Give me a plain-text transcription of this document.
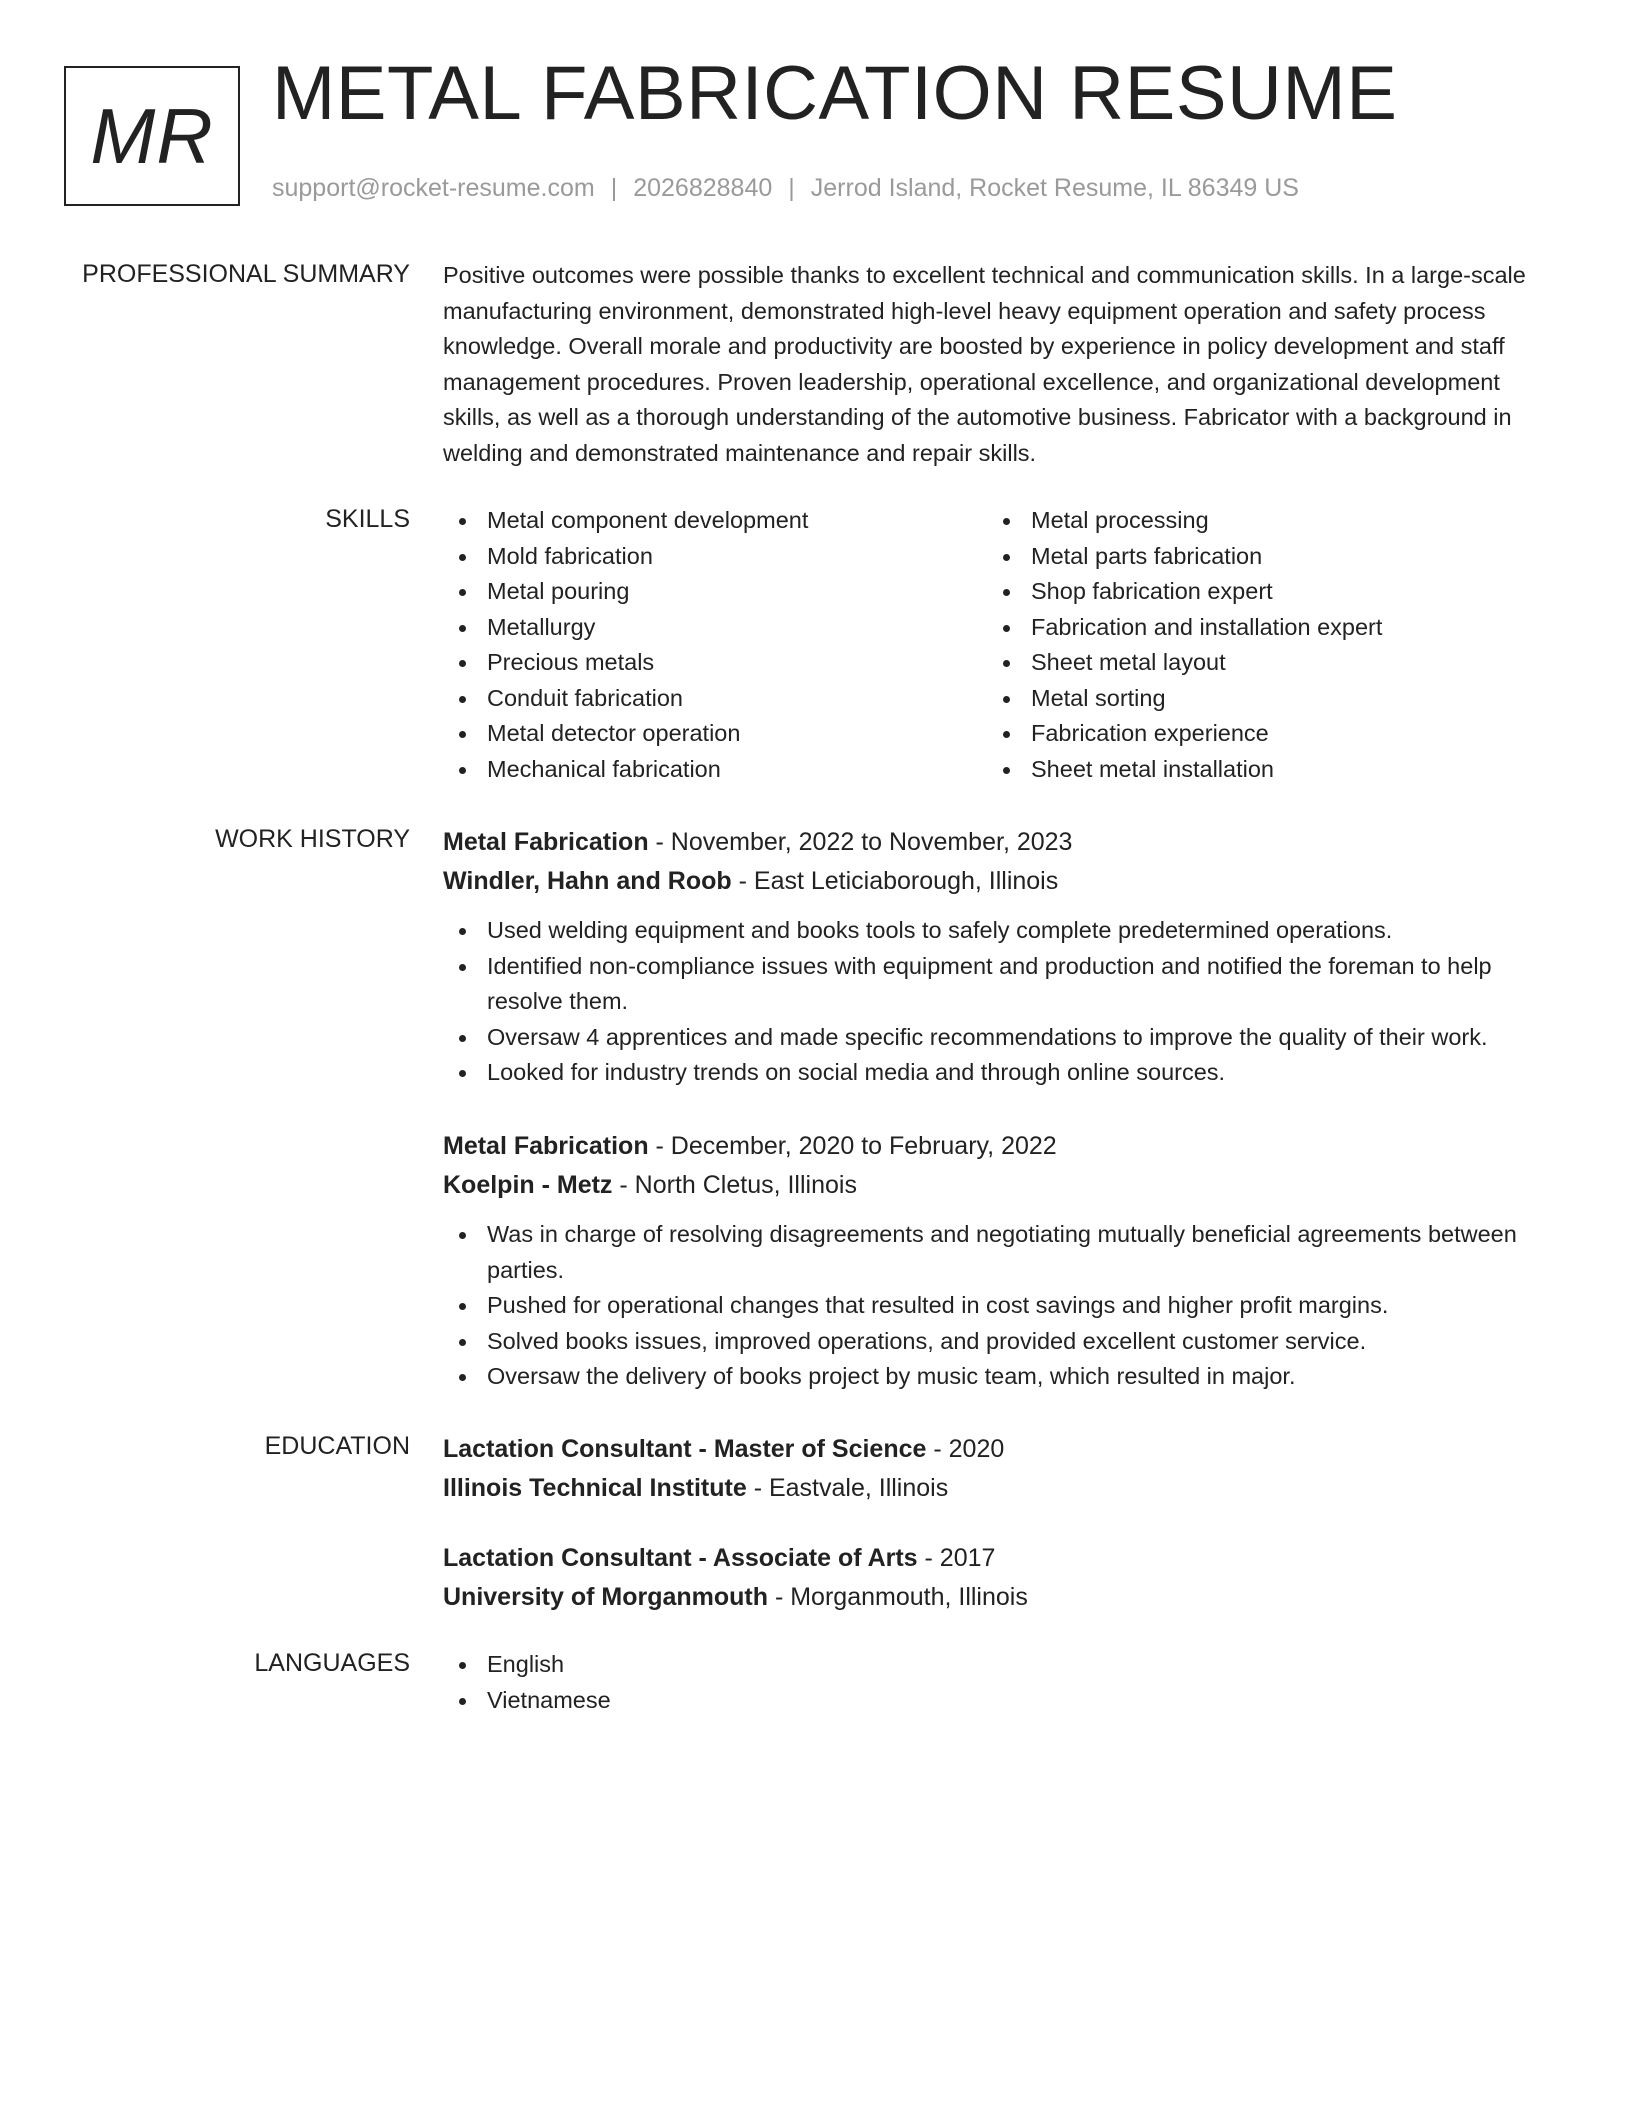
MR METAL FABRICATION RESUME
support@rocket-resume.com | 2026828840 | Jerrod Island, Rocket Resume, IL 86349 US
PROFESSIONAL SUMMARY Positive outcomes were possible thanks to excellent technical and communication skills. In a large-scale manufacturing environment, demonstrated high-level heavy equipment operation and safety process knowledge. Overall morale and productivity are boosted by experience in policy development and staff management procedures. Proven leadership, operational excellence, and organizational development skills, as well as a thorough understanding of the automotive business. Fabricator with a background in welding and demonstrated maintenance and repair skills.

SKILLS	Metal component development
Mold fabrication
Metal pouring
Metallurgy
Precious metals
Conduit fabrication
Metal detector operation
Mechanical fabrication
Metal processing
Metal parts fabrication
Shop fabrication expert
Fabrication and installation expert
Sheet metal layout
Metal sorting
Fabrication experience
Sheet metal installation
WORK HISTORY Metal Fabrication - November, 2022 to November, 2023
Windler, Hahn and Roob - East Leticiaborough, Illinois
Used welding equipment and books tools to safely complete predetermined operations.
Identified non-compliance issues with equipment and production and notified the foreman to help resolve them.
Oversaw 4 apprentices and made specific recommendations to improve the quality of their work.
Looked for industry trends on social media and through online sources.
Metal Fabrication - December, 2020 to February, 2022
Koelpin - Metz - North Cletus, Illinois
Was in charge of resolving disagreements and negotiating mutually beneficial agreements between parties.
Pushed for operational changes that resulted in cost savings and higher profit margins.
Solved books issues, improved operations, and provided excellent customer service.
Oversaw the delivery of books project by music team, which resulted in major.
EDUCATION Lactation Consultant - Master of Science - 2020
Illinois Technical Institute - Eastvale, Illinois
Lactation Consultant - Associate of Arts - 2017
University of Morganmouth - Morganmouth, Illinois
LANGUAGES	English
Vietnamese
